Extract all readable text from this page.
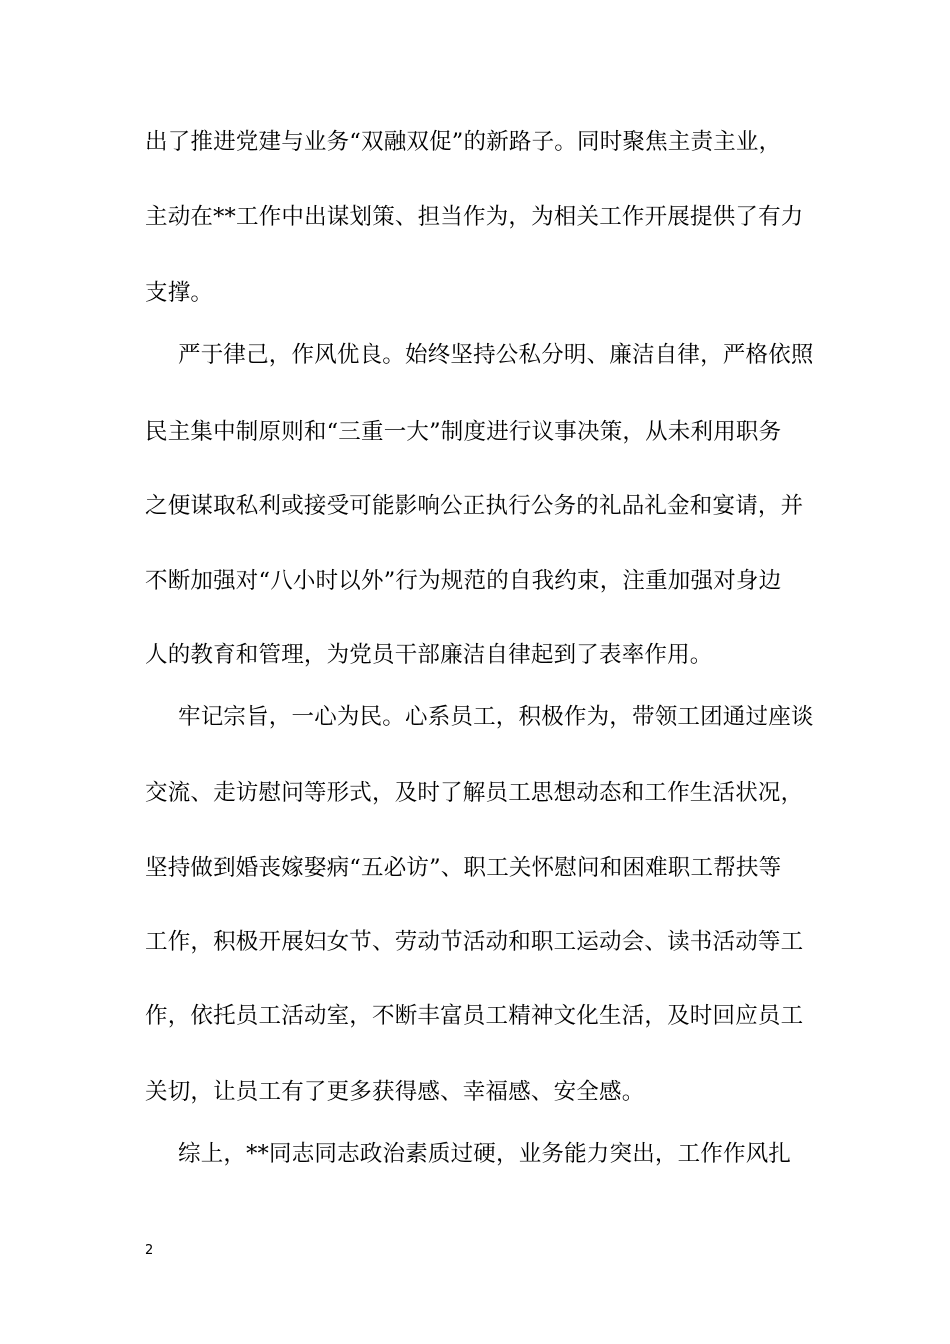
出了推进党建与业务“双融双促”的新路子。同时聚焦主责主业，
主动在**工作中出谋划策、担当作为，为相关工作开展提供了有力
支撑。
严于律己，作风优良。始终坚持公私分明、廉洁自律，严格依照
民主集中制原则和“三重一大”制度进行议事决策，从未利用职务
之便谋取私利或接受可能影响公正执行公务的礼品礼金和宴请，并
不断加强对“八小时以外”行为规范的自我约束，注重加强对身边
人的教育和管理，为党员干部廉洁自律起到了表率作用。
牢记宗旨，一心为民。心系员工，积极作为，带领工团通过座谈
交流、走访慰问等形式，及时了解员工思想动态和工作生活状况，
坚持做到婚丧嫁娶病“五必访”、职工关怀慰问和困难职工帮扶等
工作，积极开展妇女节、劳动节活动和职工运动会、读书活动等工
作，依托员工活动室，不断丰富员工精神文化生活，及时回应员工
关切，让员工有了更多获得感、幸福感、安全感。
综上，**同志同志政治素质过硬，业务能力突出，工作作风扎
2
